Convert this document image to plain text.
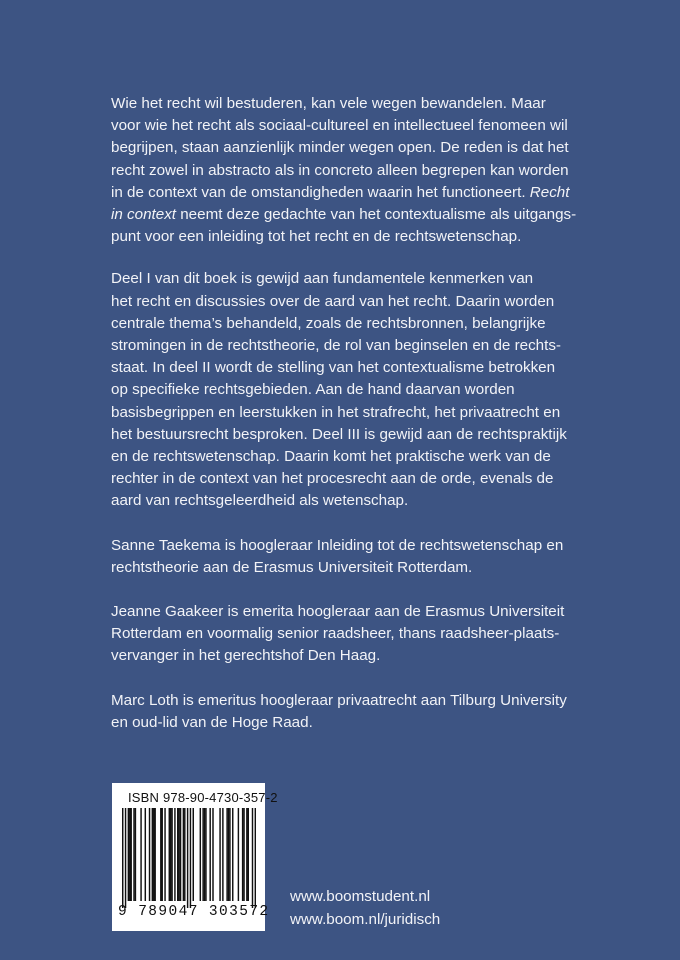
Wie het recht wil bestuderen, kan vele wegen bewandelen. Maar
voor wie het recht als sociaal-cultureel en intellectueel fenomeen wil
begrijpen, staan aanzienlijk minder wegen open. De reden is dat het
recht zowel in abstracto als in concreto alleen begrepen kan worden
in de context van de omstandigheden waarin het functioneert. Recht
in context neemt deze gedachte van het contextualisme als uitgangs-
punt voor een inleiding tot het recht en de rechtswetenschap.

Deel I van dit boek is gewijd aan fundamentele kenmerken van
het recht en discussies over de aard van het recht. Daarin worden
centrale thema’s behandeld, zoals de rechtsbronnen, belangrijke
stromingen in de rechtstheorie, de rol van beginselen en de rechts-
staat. In deel II wordt de stelling van het contextualisme betrokken
op specifieke rechtsgebieden. Aan de hand daarvan worden
basisbegrippen en leerstukken in het strafrecht, het privaatrecht en
het bestuursrecht besproken. Deel III is gewijd aan de rechtspraktijk
en de rechtswetenschap. Daarin komt het praktische werk van de
rechter in de context van het procesrecht aan de orde, evenals de
aard van rechtsgeleerdheid als wetenschap.

Sanne Taekema is hoogleraar Inleiding tot de rechtswetenschap en
rechtstheorie aan de Erasmus Universiteit Rotterdam.

Jeanne Gaakeer is emerita hoogleraar aan de Erasmus Universiteit
Rotterdam en voormalig senior raadsheer, thans raadsheer-plaats-
vervanger in het gerechtshof Den Haag.

Marc Loth is emeritus hoogleraar privaatrecht aan Tilburg University
en oud-lid van de Hoge Raad.

ISBN 978-90-4730-357-2
9 789047 303572
www.boomstudent.nl
www.boom.nl/juridisch
